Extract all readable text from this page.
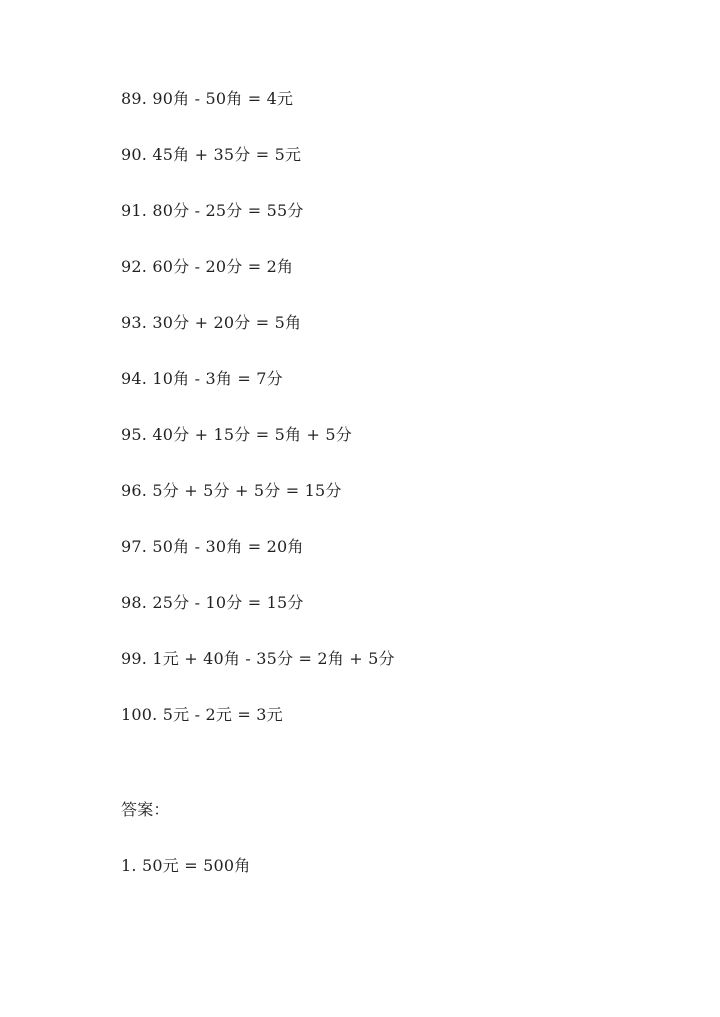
89. 90角 - 50角 = 4元
90. 45角 + 35分 = 5元
91. 80分 - 25分 = 55分
92. 60分 - 20分 = 2角
93. 30分 + 20分 = 5角
94. 10角 - 3角 = 7分
95. 40分 + 15分 = 5角 + 5分
96. 5分 + 5分 + 5分 = 15分
97. 50角 - 30角 = 20角
98. 25分 - 10分 = 15分
99. 1元 + 40角 - 35分 = 2角 + 5分
100. 5元 - 2元 = 3元
答案：
1. 50元 = 500角
